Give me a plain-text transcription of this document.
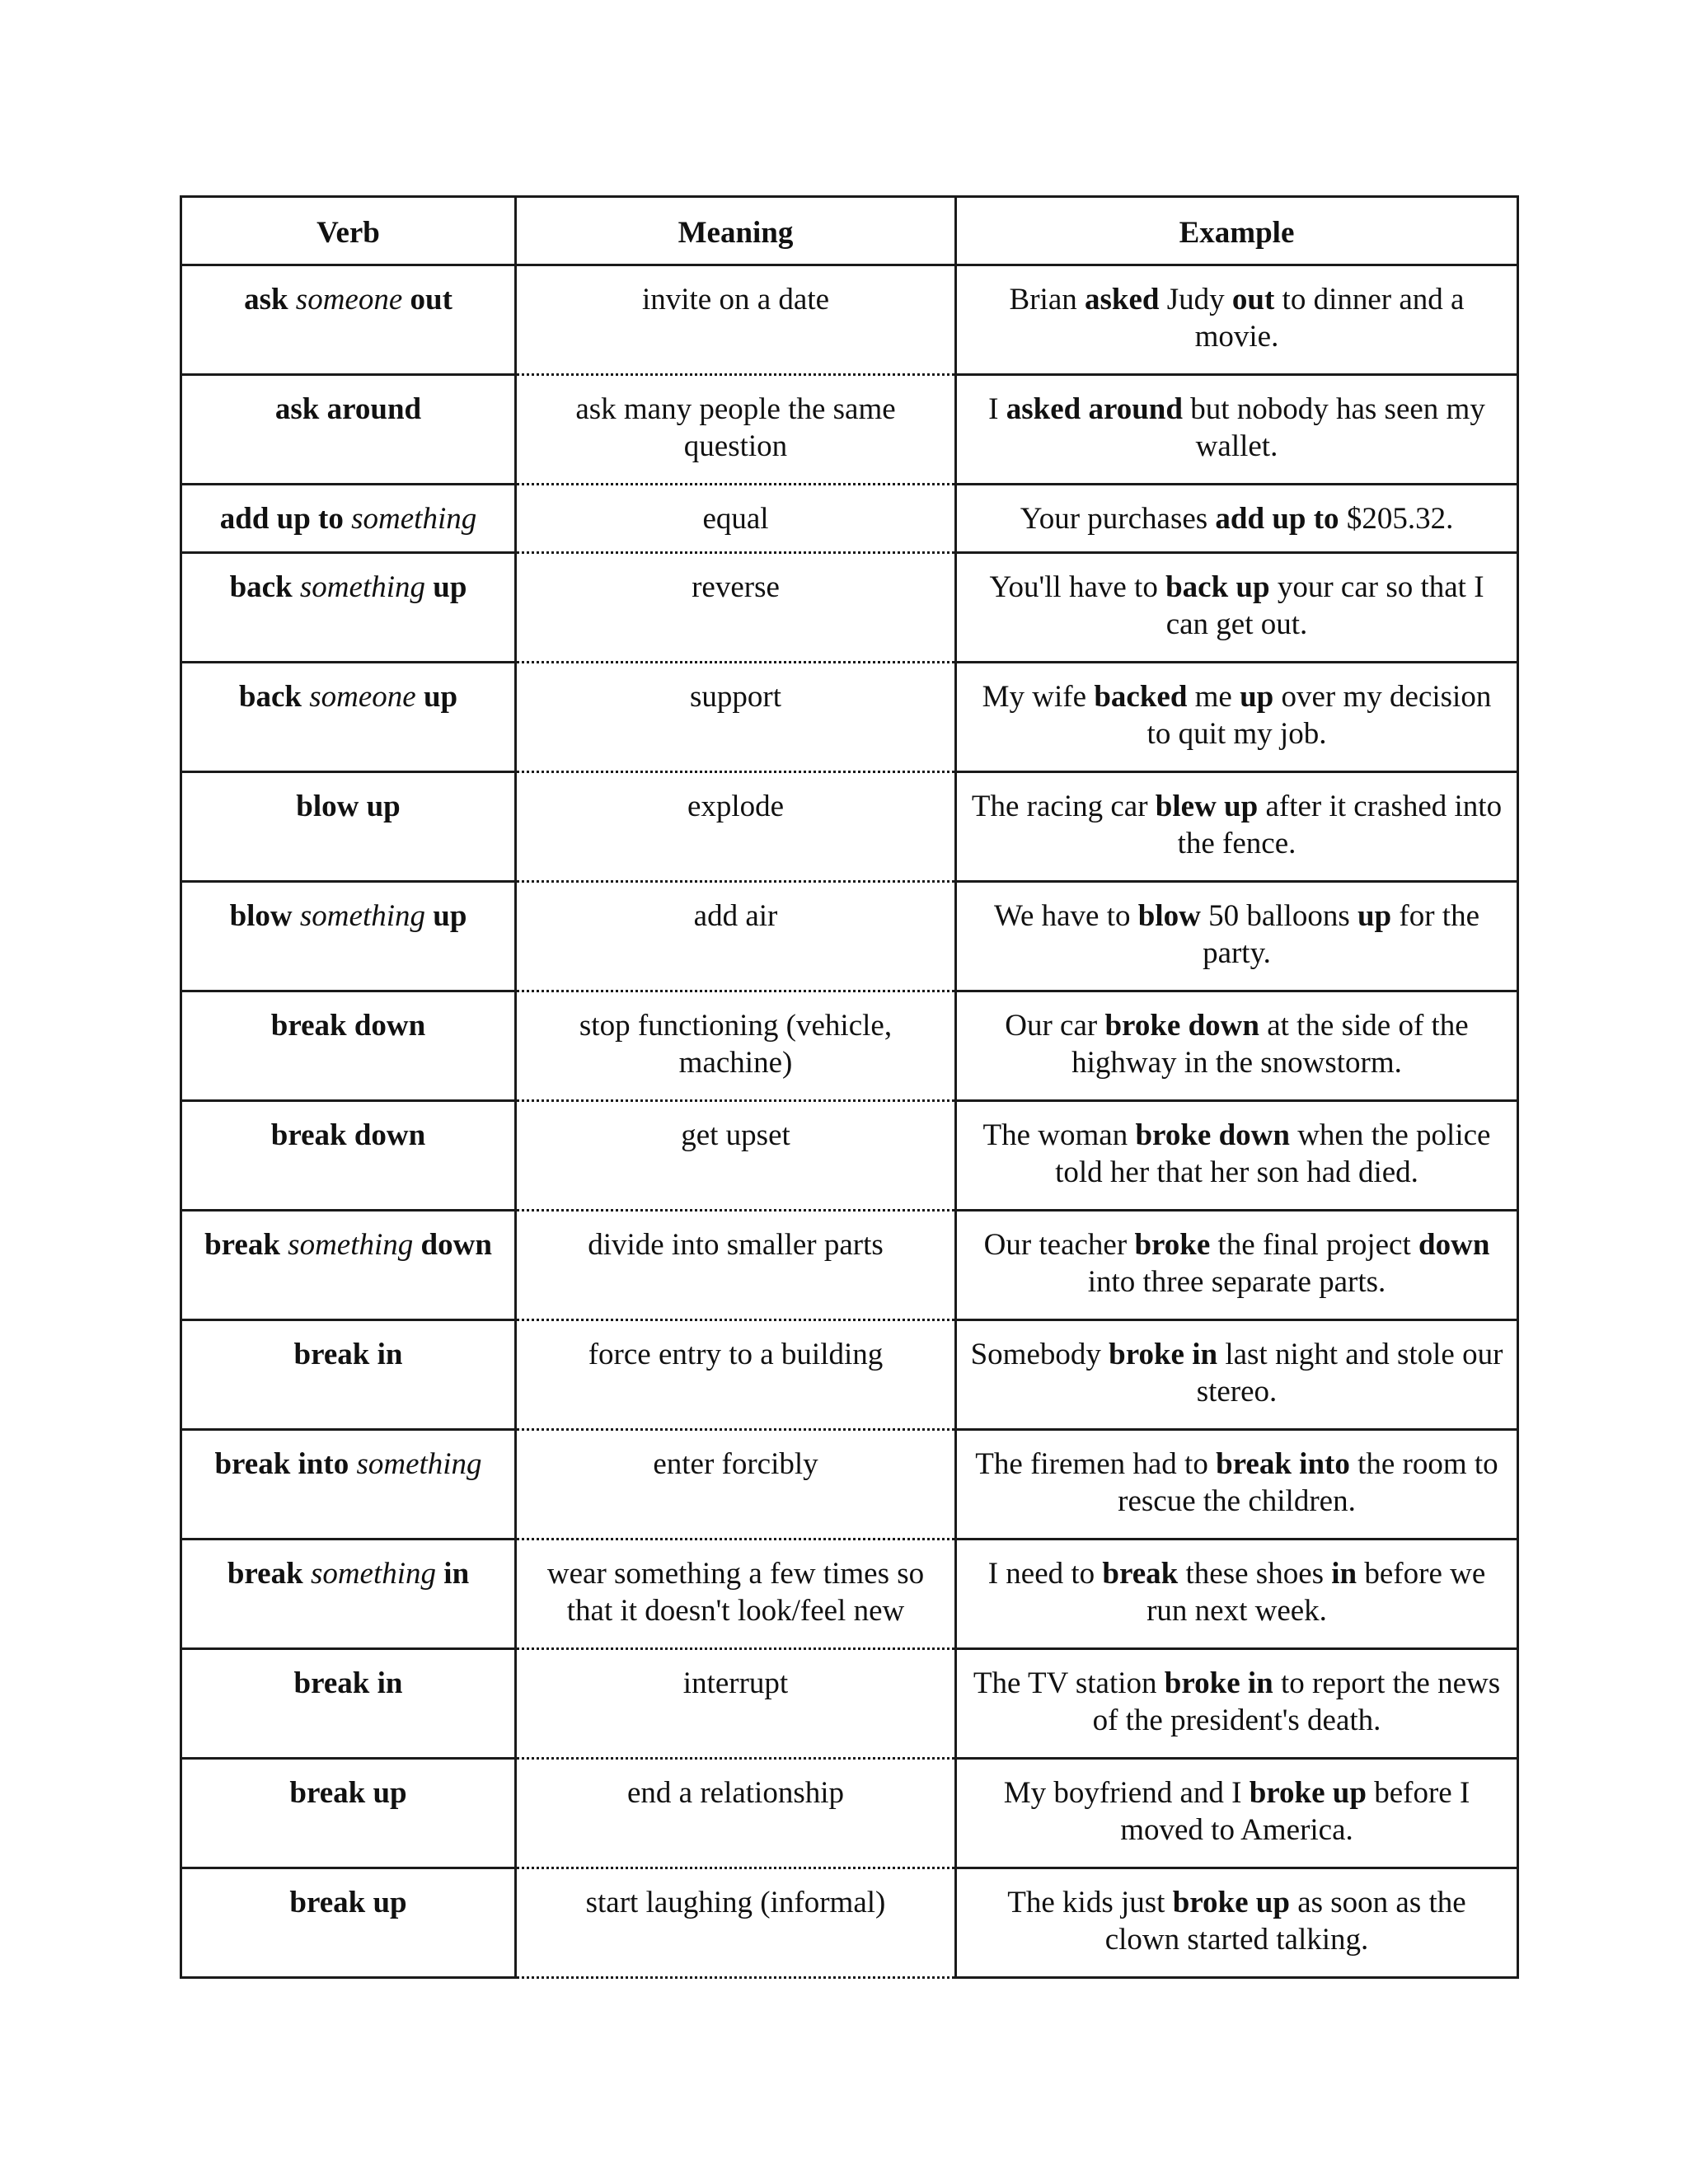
Verb	Meaning	Example
ask someone out	invite on a date	Brian asked Judy out to dinner and a movie.
ask around	ask many people the same question	I asked around but nobody has seen my wallet.
add up to something	equal	Your purchases add up to $205.32.
back something up	reverse	You'll have to back up your car so that I can get out.
back someone up	support	My wife backed me up over my decision to quit my job.
blow up	explode	The racing car blew up after it crashed into the fence.
blow something up	add air	We have to blow 50 balloons up for the party.
break down	stop functioning (vehicle, machine)	Our car broke down at the side of the highway in the snowstorm.
break down	get upset	The woman broke down when the police told her that her son had died.
break something down	divide into smaller parts	Our teacher broke the final project down into three separate parts.
break in	force entry to a building	Somebody broke in last night and stole our stereo.
break into something	enter forcibly	The firemen had to break into the room to rescue the children.
break something in	wear something a few times so that it doesn't look/feel new	I need to break these shoes in before we run next week.
break in	interrupt	The TV station broke in to report the news of the president's death.
break up	end a relationship	My boyfriend and I broke up before I moved to America.
break up	start laughing (informal)	The kids just broke up as soon as the clown started talking.
